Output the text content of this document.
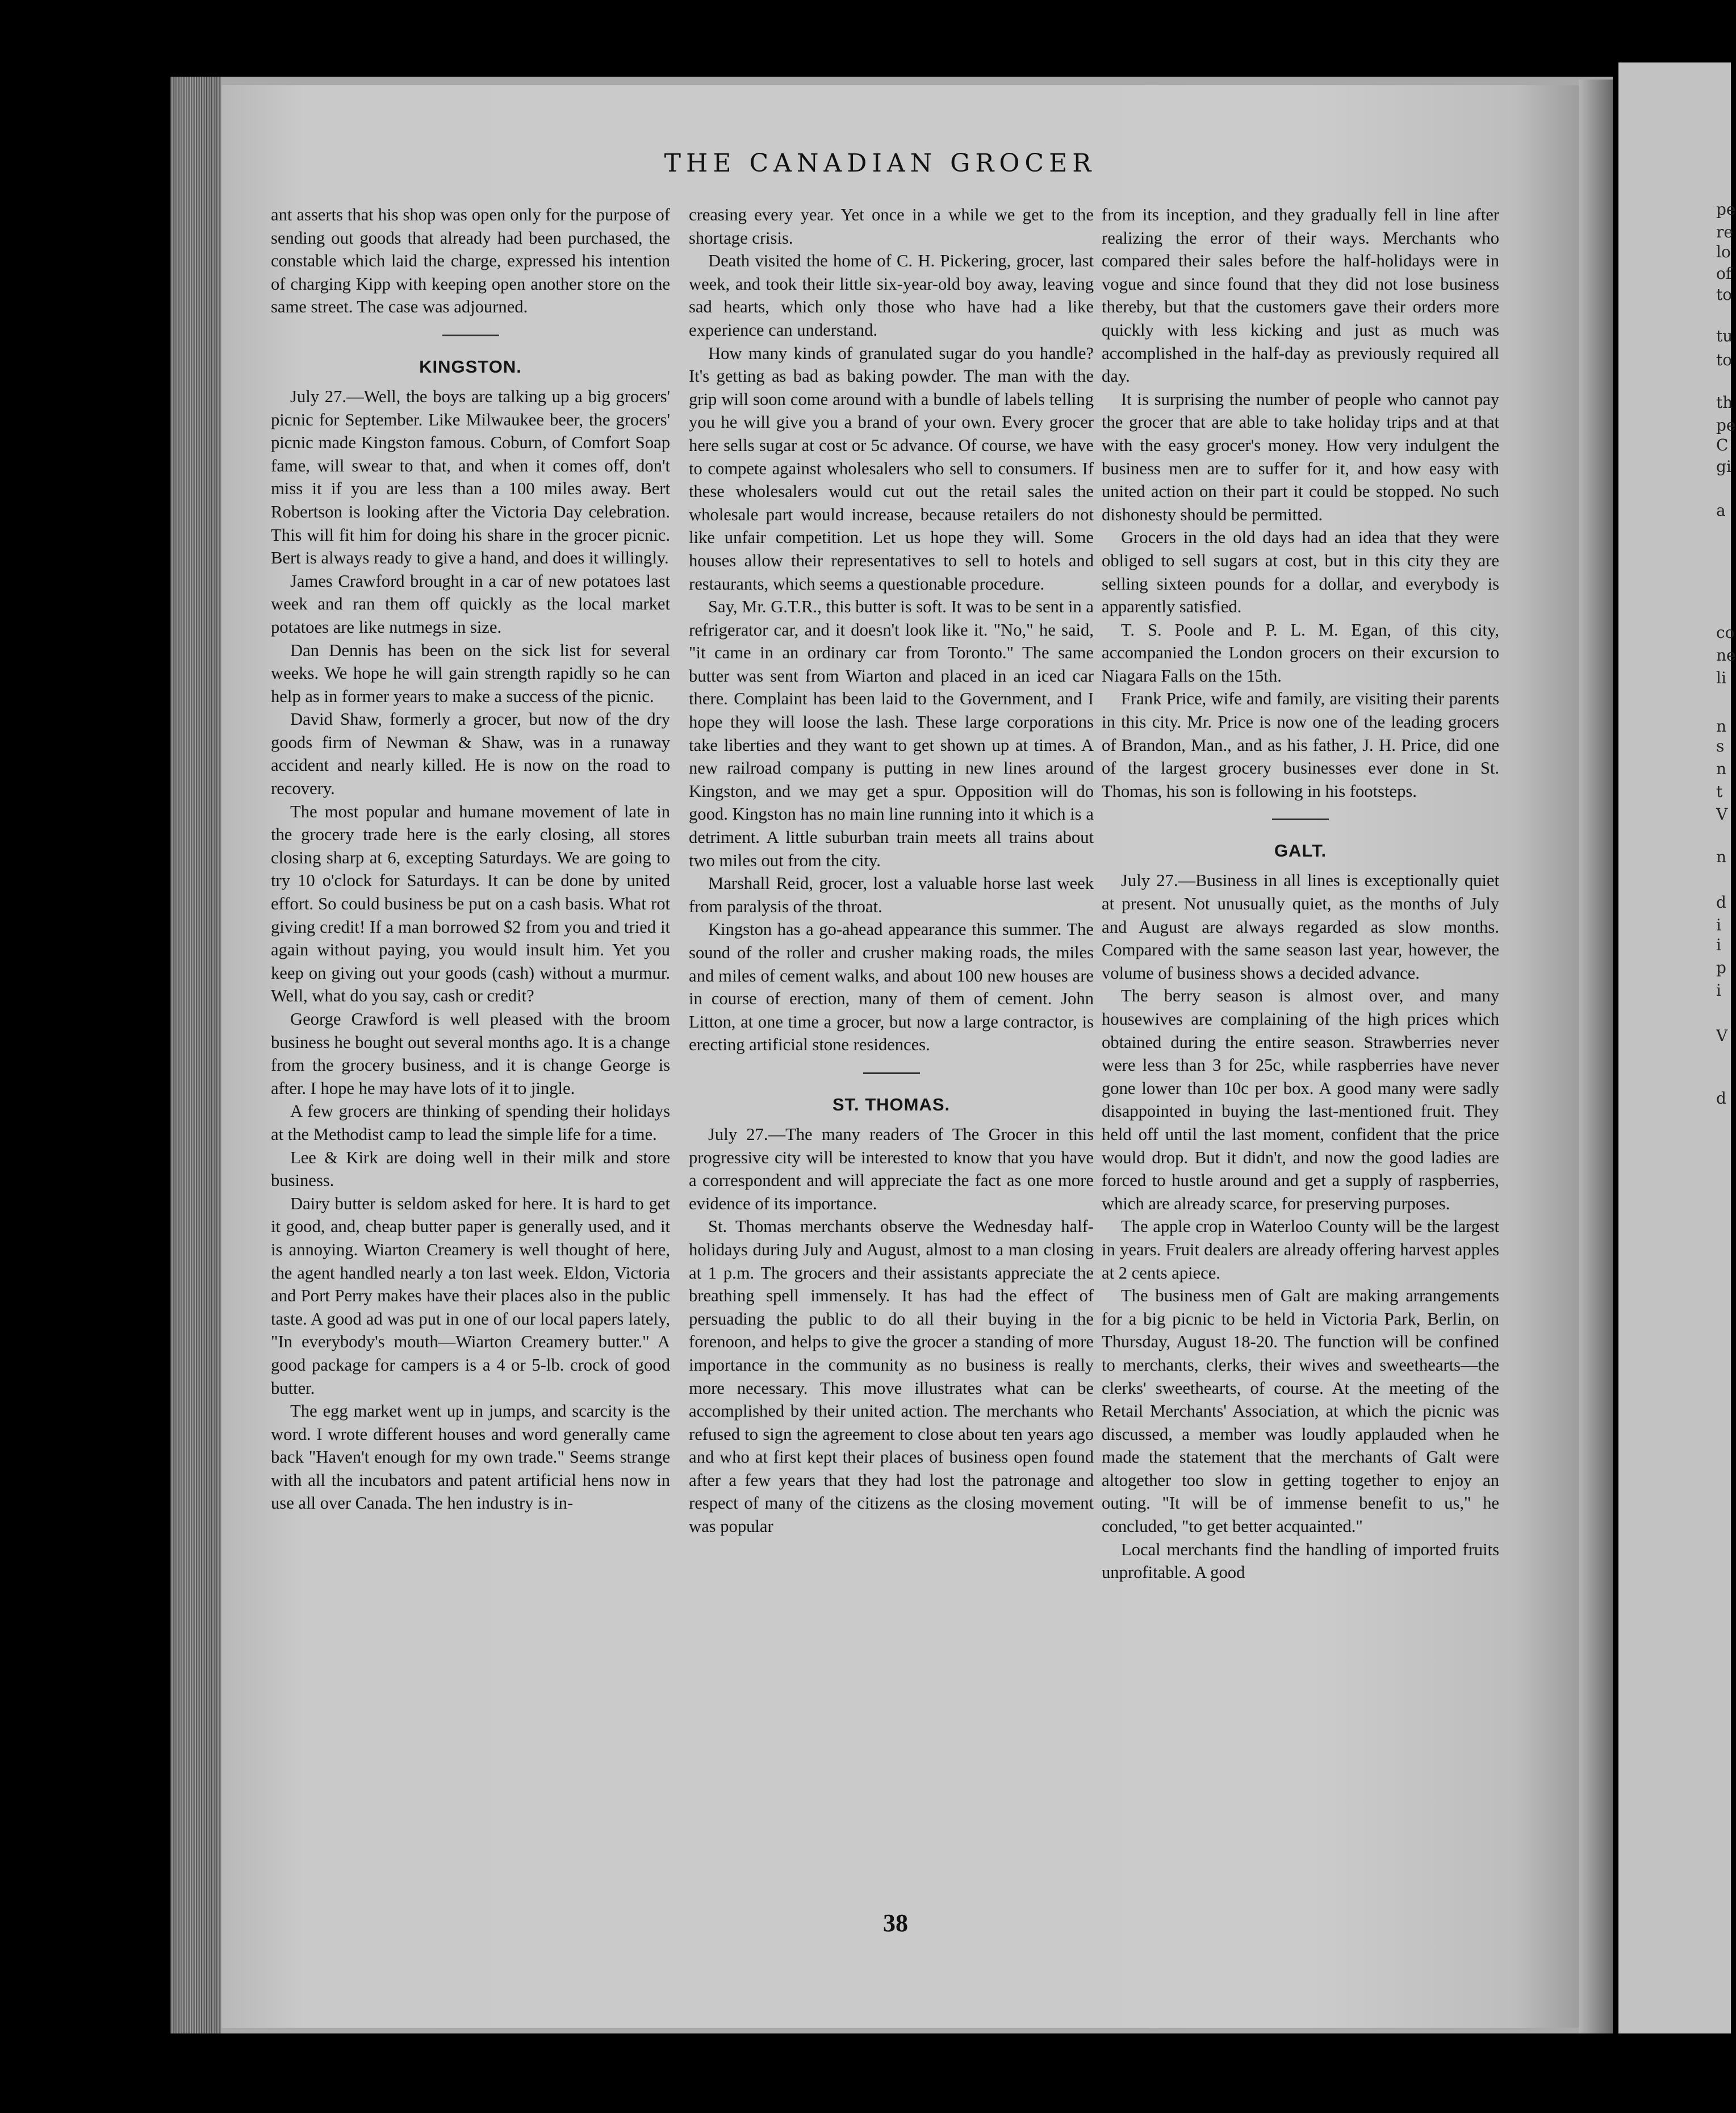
THE CANADIAN GROCER

ant asserts that his shop was open only for the purpose of sending out goods that already had been purchased, the constable which laid the charge, expressed his intention of charging Kipp with keeping open another store on the same street. The case was adjourned.

KINGSTON.

July 27.—Well, the boys are talking up a big grocers' picnic for September. Like Milwaukee beer, the grocers' picnic made Kingston famous. Coburn, of Comfort Soap fame, will swear to that, and when it comes off, don't miss it if you are less than a 100 miles away. Bert Robertson is looking after the Victoria Day celebration. This will fit him for doing his share in the grocer picnic. Bert is always ready to give a hand, and does it willingly.

James Crawford brought in a car of new potatoes last week and ran them off quickly as the local market potatoes are like nutmegs in size.

Dan Dennis has been on the sick list for several weeks. We hope he will gain strength rapidly so he can help as in former years to make a success of the picnic.

David Shaw, formerly a grocer, but now of the dry goods firm of Newman & Shaw, was in a runaway accident and nearly killed. He is now on the road to recovery.

The most popular and humane movement of late in the grocery trade here is the early closing, all stores closing sharp at 6, excepting Saturdays. We are going to try 10 o'clock for Saturdays. It can be done by united effort. So could business be put on a cash basis. What rot giving credit! If a man borrowed $2 from you and tried it again without paying, you would insult him. Yet you keep on giving out your goods (cash) without a murmur. Well, what do you say, cash or credit?

George Crawford is well pleased with the broom business he bought out several months ago. It is a change from the grocery business, and it is change George is after. I hope he may have lots of it to jingle.

A few grocers are thinking of spending their holidays at the Methodist camp to lead the simple life for a time.

Lee & Kirk are doing well in their milk and store business.

Dairy butter is seldom asked for here. It is hard to get it good, and, cheap butter paper is generally used, and it is annoying. Wiarton Creamery is well thought of here, the agent handled nearly a ton last week. Eldon, Victoria and Port Perry makes have their places also in the public taste. A good ad was put in one of our local papers lately, "In everybody's mouth—Wiarton Creamery butter." A good package for campers is a 4 or 5-lb. crock of good butter.

The egg market went up in jumps, and scarcity is the word. I wrote different houses and word generally came back "Haven't enough for my own trade." Seems strange with all the incubators and patent artificial hens now in use all over Canada. The hen industry is in-

creasing every year. Yet once in a while we get to the shortage crisis.

Death visited the home of C. H. Pickering, grocer, last week, and took their little six-year-old boy away, leaving sad hearts, which only those who have had a like experience can understand.

How many kinds of granulated sugar do you handle? It's getting as bad as baking powder. The man with the grip will soon come around with a bundle of labels telling you he will give you a brand of your own. Every grocer here sells sugar at cost or 5c advance. Of course, we have to compete against wholesalers who sell to consumers. If these wholesalers would cut out the retail sales the wholesale part would increase, because retailers do not like unfair competition. Let us hope they will. Some houses allow their representatives to sell to hotels and restaurants, which seems a questionable procedure.

Say, Mr. G.T.R., this butter is soft. It was to be sent in a refrigerator car, and it doesn't look like it. "No," he said, "it came in an ordinary car from Toronto." The same butter was sent from Wiarton and placed in an iced car there. Complaint has been laid to the Government, and I hope they will loose the lash. These large corporations take liberties and they want to get shown up at times. A new railroad company is putting in new lines around Kingston, and we may get a spur. Opposition will do good. Kingston has no main line running into it which is a detriment. A little suburban train meets all trains about two miles out from the city.

Marshall Reid, grocer, lost a valuable horse last week from paralysis of the throat.

Kingston has a go-ahead appearance this summer. The sound of the roller and crusher making roads, the miles and miles of cement walks, and about 100 new houses are in course of erection, many of them of cement. John Litton, at one time a grocer, but now a large contractor, is erecting artificial stone residences.

ST. THOMAS.

July 27.—The many readers of The Grocer in this progressive city will be interested to know that you have a correspondent and will appreciate the fact as one more evidence of its importance.

St. Thomas merchants observe the Wednesday half-holidays during July and August, almost to a man closing at 1 p.m. The grocers and their assistants appreciate the breathing spell immensely. It has had the effect of persuading the public to do all their buying in the forenoon, and helps to give the grocer a standing of more importance in the community as no business is really more necessary. This move illustrates what can be accomplished by their united action. The merchants who refused to sign the agreement to close about ten years ago and who at first kept their places of business open found after a few years that they had lost the patronage and respect of many of the citizens as the closing movement was popular

from its inception, and they gradually fell in line after realizing the error of their ways. Merchants who compared their sales before the half-holidays were in vogue and since found that they did not lose business thereby, but that the customers gave their orders more quickly with less kicking and just as much was accomplished in the half-day as previously required all day.

It is surprising the number of people who cannot pay the grocer that are able to take holiday trips and at that with the easy grocer's money. How very indulgent the business men are to suffer for it, and how easy with united action on their part it could be stopped. No such dishonesty should be permitted.

Grocers in the old days had an idea that they were obliged to sell sugars at cost, but in this city they are selling sixteen pounds for a dollar, and everybody is apparently satisfied.

T. S. Poole and P. L. M. Egan, of this city, accompanied the London grocers on their excursion to Niagara Falls on the 15th.

Frank Price, wife and family, are visiting their parents in this city. Mr. Price is now one of the leading grocers of Brandon, Man., and as his father, J. H. Price, did one of the largest grocery businesses ever done in St. Thomas, his son is following in his footsteps.

GALT.

July 27.—Business in all lines is exceptionally quiet at present. Not unusually quiet, as the months of July and August are always regarded as slow months. Compared with the same season last year, however, the volume of business shows a decided advance.

The berry season is almost over, and many housewives are complaining of the high prices which obtained during the entire season. Strawberries never were less than 3 for 25c, while raspberries have never gone lower than 10c per box. A good many were sadly disappointed in buying the last-mentioned fruit. They held off until the last moment, confident that the price would drop. But it didn't, and now the good ladies are forced to hustle around and get a supply of raspberries, which are already scarce, for preserving purposes.

The apple crop in Waterloo County will be the largest in years. Fruit dealers are already offering harvest apples at 2 cents apiece.

The business men of Galt are making arrangements for a big picnic to be held in Victoria Park, Berlin, on Thursday, August 18-20. The function will be confined to merchants, clerks, their wives and sweethearts—the clerks' sweethearts, of course. At the meeting of the Retail Merchants' Association, at which the picnic was discussed, a member was loudly applauded when he made the statement that the merchants of Galt were altogether too slow in getting together to enjoy an outing. "It will be of immense benefit to us," he concluded, "to get better acquainted."

Local merchants find the handling of imported fruits unprofitable. A good

38
pe
re
lo
of
to
tu
to
th
pe
C
gi
a
co
ne
li
n
s
n
t
V
n
d
i
i
p
i
V
d
